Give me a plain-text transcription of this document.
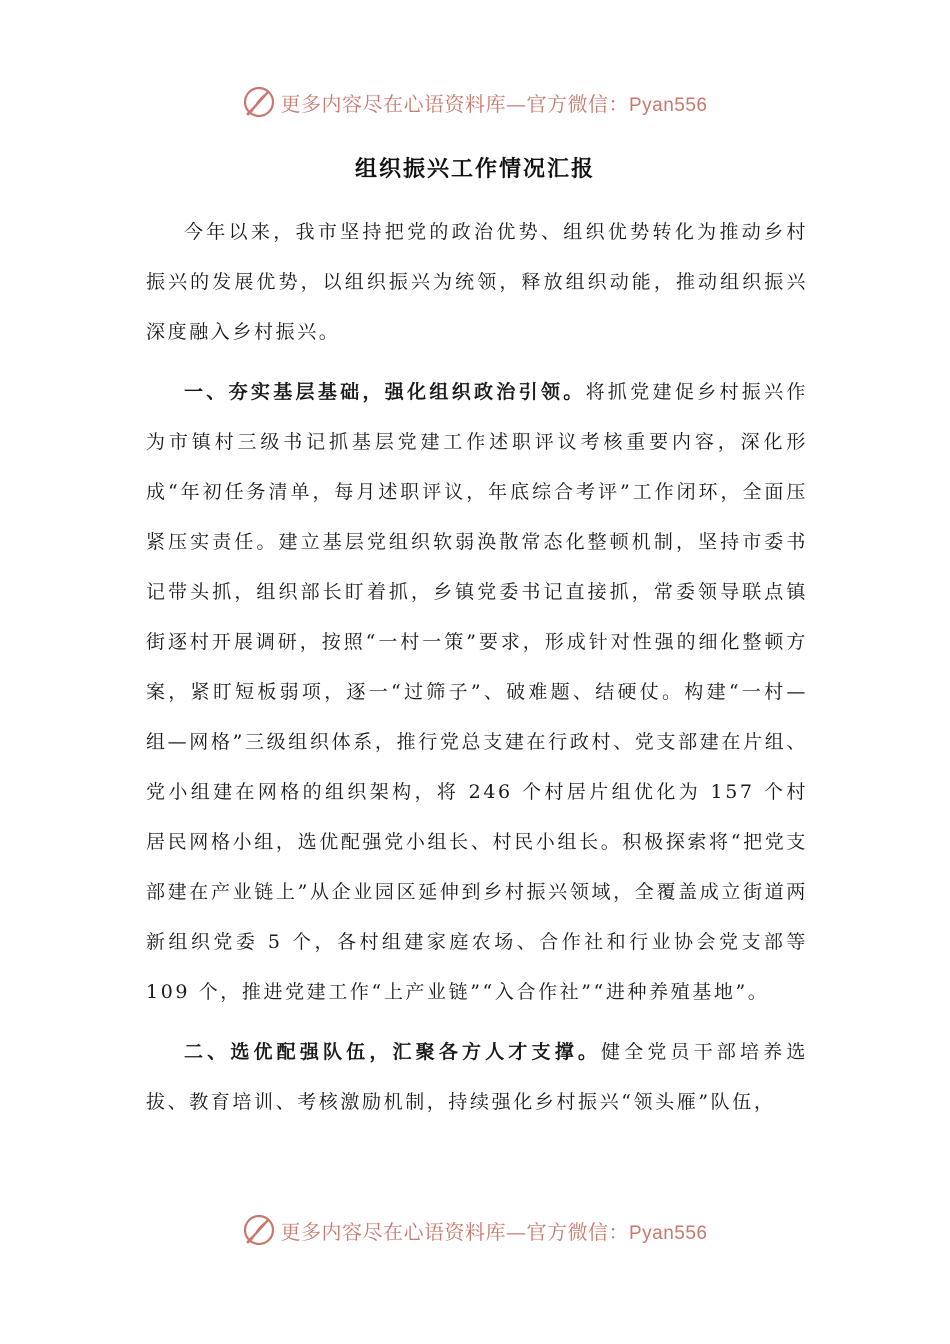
更多内容尽在心语资料库—官方微信：Pyan556
组织振兴工作情况汇报

今年以来，我市坚持把党的政治优势、组织优势转化为推动乡村振兴的发展优势，以组织振兴为统领，释放组织动能，推动组织振兴深度融入乡村振兴。

一、夯实基层基础，强化组织政治引领。将抓党建促乡村振兴作为市镇村三级书记抓基层党建工作述职评议考核重要内容，深化形成“年初任务清单，每月述职评议，年底综合考评”工作闭环，全面压紧压实责任。建立基层党组织软弱涣散常态化整顿机制，坚持市委书记带头抓，组织部长盯着抓，乡镇党委书记直接抓，常委领导联点镇街逐村开展调研，按照“一村一策”要求，形成针对性强的细化整顿方案，紧盯短板弱项，逐一“过筛子”、破难题、结硬仗。构建“一村—组—网格”三级组织体系，推行党总支建在行政村、党支部建在片组、党小组建在网格的组织架构，将 246 个村居片组优化为 157 个村居民网格小组，选优配强党小组长、村民小组长。积极探索将“把党支部建在产业链上”从企业园区延伸到乡村振兴领域，全覆盖成立街道两新组织党委 5 个，各村组建家庭农场、合作社和行业协会党支部等 109 个，推进党建工作“上产业链”“入合作社”“进种养殖基地”。

二、选优配强队伍，汇聚各方人才支撑。健全党员干部培养选拔、教育培训、考核激励机制，持续强化乡村振兴“领头雁”队伍，

更多内容尽在心语资料库—官方微信：Pyan556
